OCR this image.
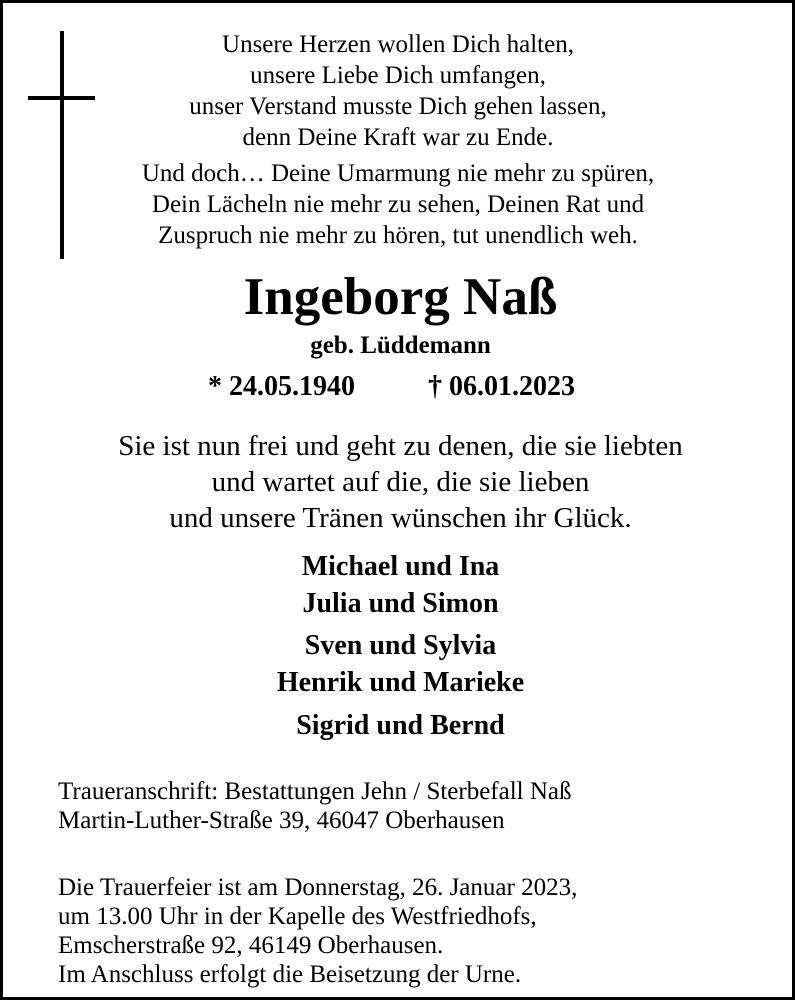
Unsere Herzen wollen Dich halten,
unsere Liebe Dich umfangen,
unser Verstand musste Dich gehen lassen,
denn Deine Kraft war zu Ende.
Und doch… Deine Umarmung nie mehr zu spüren,
Dein Lächeln nie mehr zu sehen, Deinen Rat und
Zuspruch nie mehr zu hören, tut unendlich weh.
Ingeborg Naß
geb. Lüddemann
* 24.05.1940	† 06.01.2023
Sie ist nun frei und geht zu denen, die sie liebten
und wartet auf die, die sie lieben
und unsere Tränen wünschen ihr Glück.
Michael und Ina
Julia und Simon
Sven und Sylvia
Henrik und Marieke
Sigrid und Bernd
Traueranschrift: Bestattungen Jehn / Sterbefall Naß
Martin-Luther-Straße 39, 46047 Oberhausen
Die Trauerfeier ist am Donnerstag, 26. Januar 2023,
um 13.00 Uhr in der Kapelle des Westfriedhofs,
Emscherstraße 92, 46149 Oberhausen.
Im Anschluss erfolgt die Beisetzung der Urne.
